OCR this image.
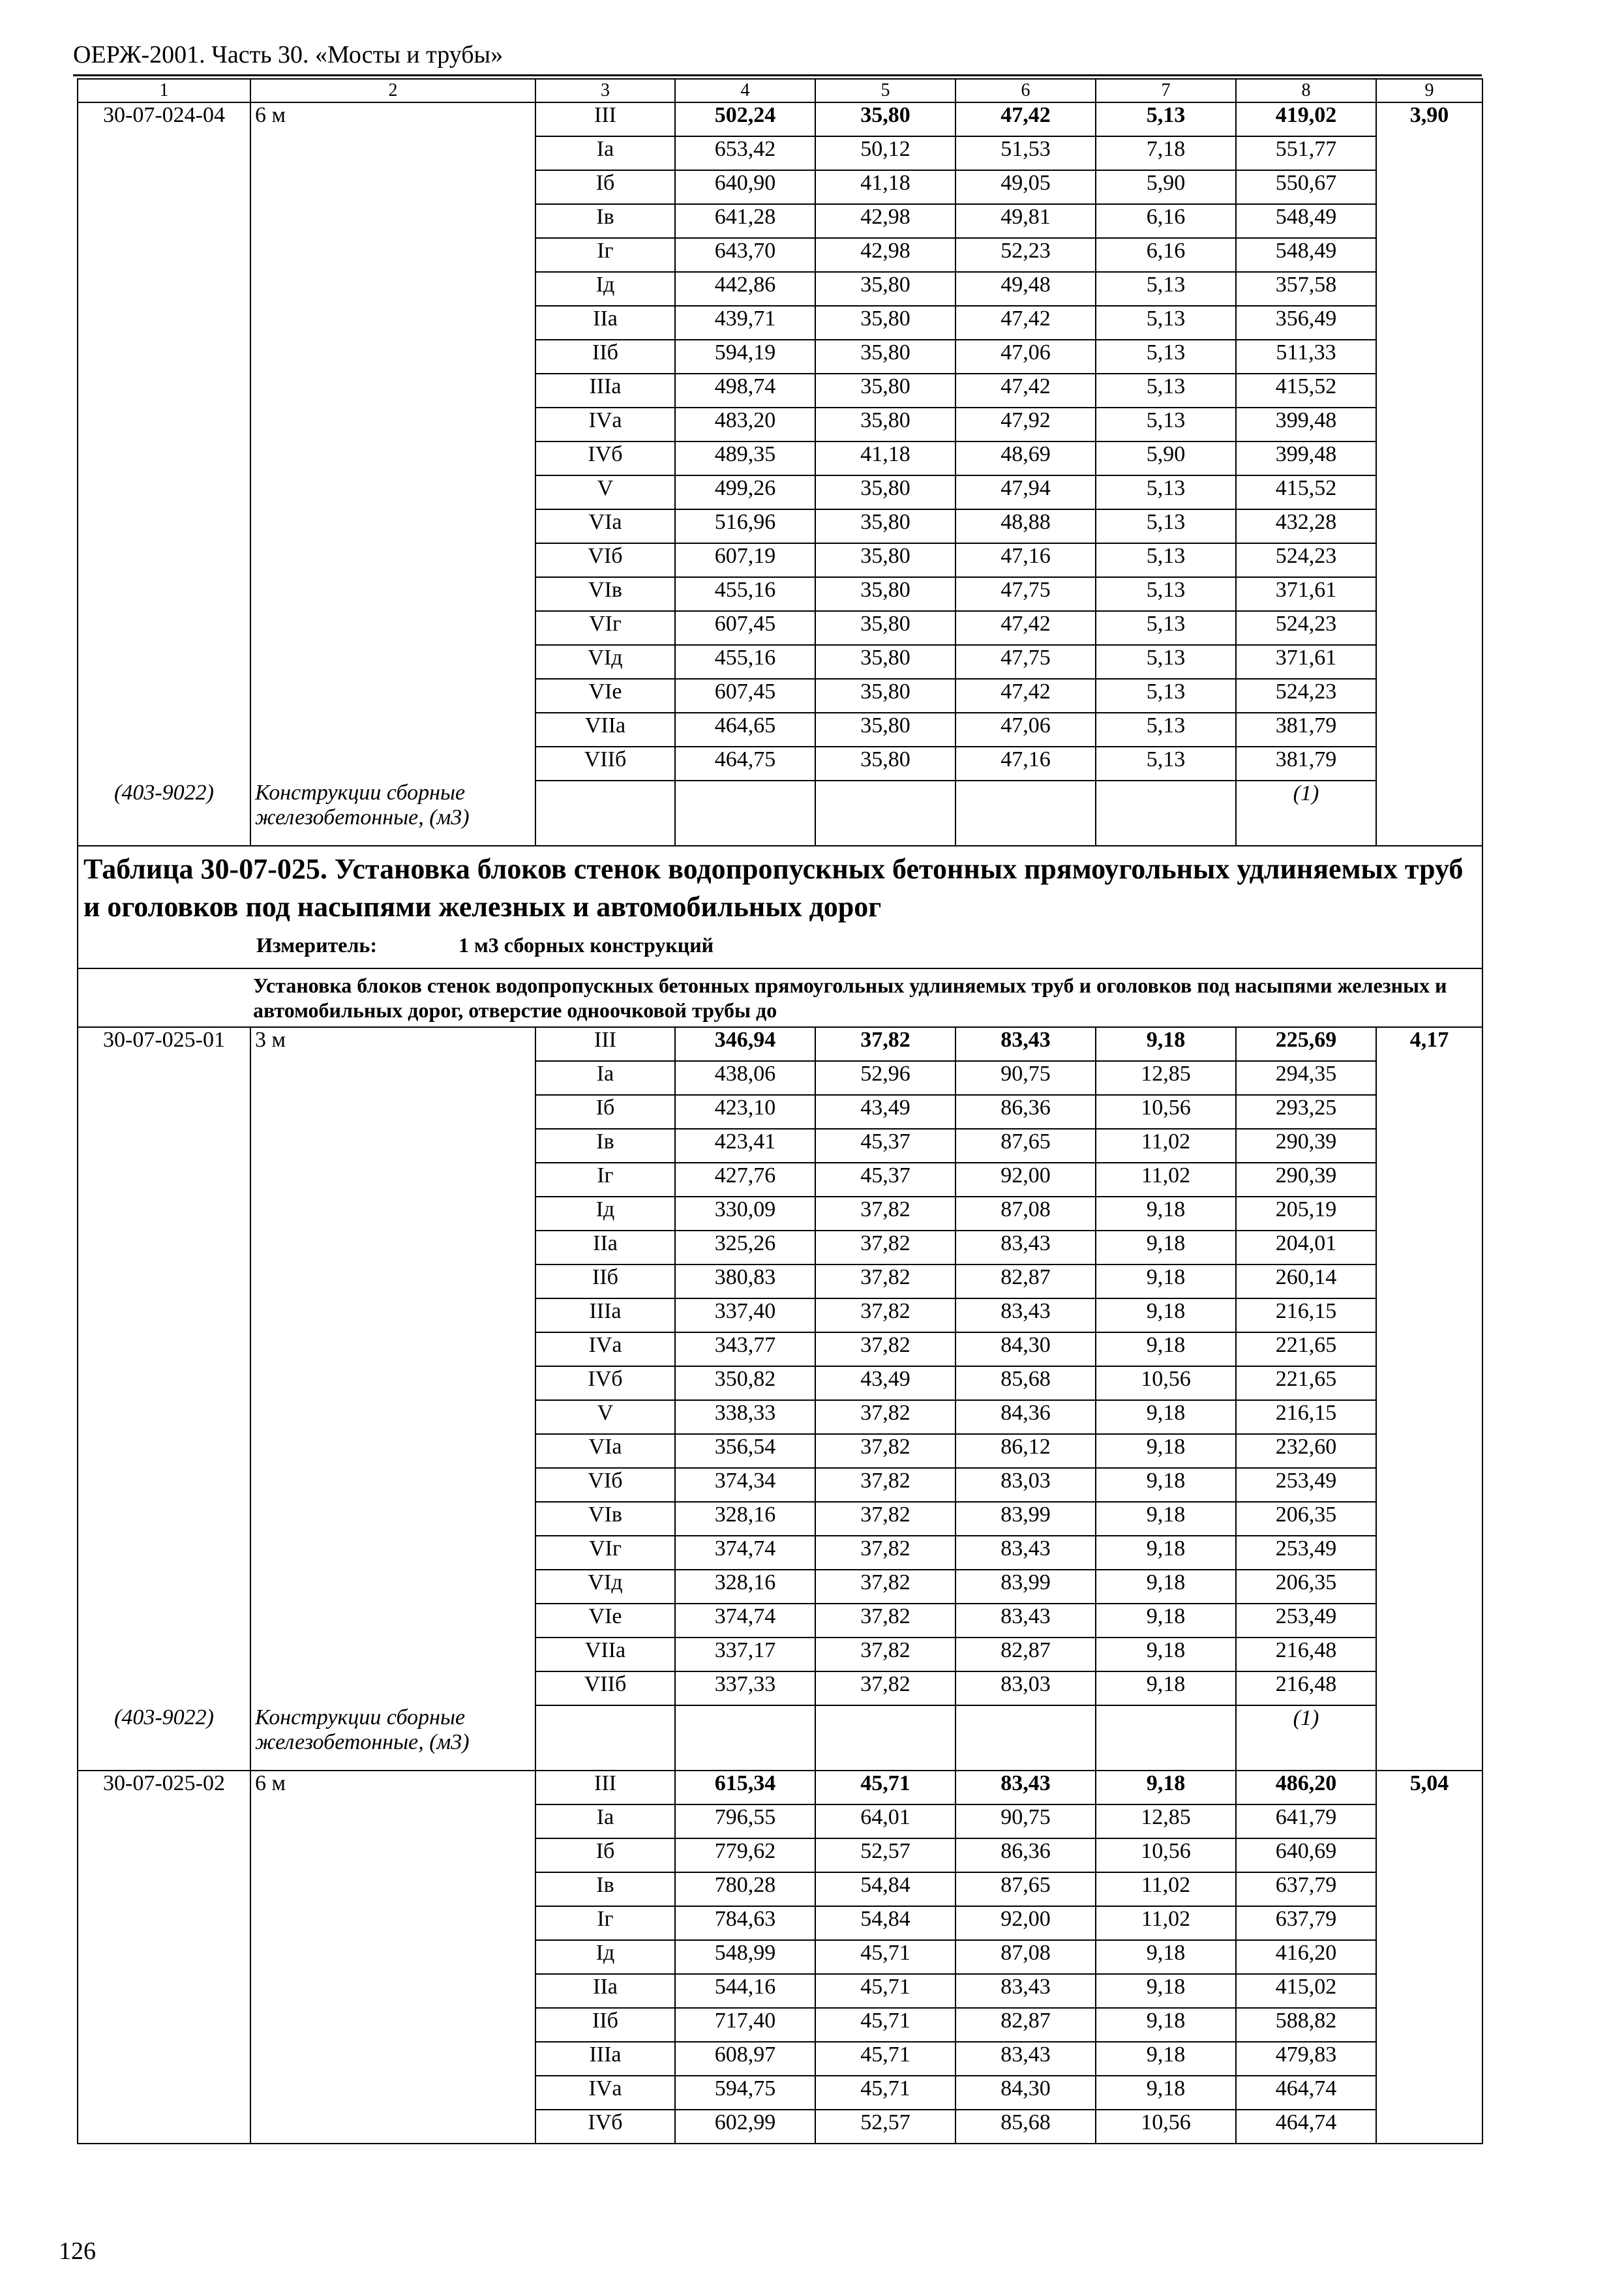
ОЕРЖ-2001. Часть 30. «Мосты и трубы»
1	2	3	4	5	6	7	8	9
30-07-024-04	6 м	III	502,24	35,80	47,42	5,13	419,02	3,90
		Iа	653,42	50,12	51,53	7,18	551,77	
		Iб	640,90	41,18	49,05	5,90	550,67	
		Iв	641,28	42,98	49,81	6,16	548,49	
		Iг	643,70	42,98	52,23	6,16	548,49	
		Iд	442,86	35,80	49,48	5,13	357,58	
		IIа	439,71	35,80	47,42	5,13	356,49	
		IIб	594,19	35,80	47,06	5,13	511,33	
		IIIа	498,74	35,80	47,42	5,13	415,52	
		IVа	483,20	35,80	47,92	5,13	399,48	
		IVб	489,35	41,18	48,69	5,90	399,48	
		V	499,26	35,80	47,94	5,13	415,52	
		VIа	516,96	35,80	48,88	5,13	432,28	
		VIб	607,19	35,80	47,16	5,13	524,23	
		VIв	455,16	35,80	47,75	5,13	371,61	
		VIг	607,45	35,80	47,42	5,13	524,23	
		VIд	455,16	35,80	47,75	5,13	371,61	
		VIе	607,45	35,80	47,42	5,13	524,23	
		VIIа	464,65	35,80	47,06	5,13	381,79	
		VIIб	464,75	35,80	47,16	5,13	381,79	
(403-9022)	Конструкции сборные железобетонные, (м3)						(1)	

Таблица 30-07-025. Установка блоков стенок водопропускных бетонных прямоугольных удлиняемых труб и оголовков под насыпями железных и автомобильных дорог
Измеритель: 1 м3 сборных конструкций								

Установка блоков стенок водопропускных бетонных прямоугольных удлиняемых труб и оголовков под насыпями железных и автомобильных дорог, отверстие одноочковой трубы до								
30-07-025-01	3 м	III	346,94	37,82	83,43	9,18	225,69	4,17
		Iа	438,06	52,96	90,75	12,85	294,35	
		Iб	423,10	43,49	86,36	10,56	293,25	
		Iв	423,41	45,37	87,65	11,02	290,39	
		Iг	427,76	45,37	92,00	11,02	290,39	
		Iд	330,09	37,82	87,08	9,18	205,19	
		IIа	325,26	37,82	83,43	9,18	204,01	
		IIб	380,83	37,82	82,87	9,18	260,14	
		IIIа	337,40	37,82	83,43	9,18	216,15	
		IVа	343,77	37,82	84,30	9,18	221,65	
		IVб	350,82	43,49	85,68	10,56	221,65	
		V	338,33	37,82	84,36	9,18	216,15	
		VIа	356,54	37,82	86,12	9,18	232,60	
		VIб	374,34	37,82	83,03	9,18	253,49	
		VIв	328,16	37,82	83,99	9,18	206,35	
		VIг	374,74	37,82	83,43	9,18	253,49	
		VIд	328,16	37,82	83,99	9,18	206,35	
		VIе	374,74	37,82	83,43	9,18	253,49	
		VIIа	337,17	37,82	82,87	9,18	216,48	
		VIIб	337,33	37,82	83,03	9,18	216,48	
(403-9022)	Конструкции сборные железобетонные, (м3)						(1)	
30-07-025-02	6 м	III	615,34	45,71	83,43	9,18	486,20	5,04
		Iа	796,55	64,01	90,75	12,85	641,79	
		Iб	779,62	52,57	86,36	10,56	640,69	
		Iв	780,28	54,84	87,65	11,02	637,79	
		Iг	784,63	54,84	92,00	11,02	637,79	
		Iд	548,99	45,71	87,08	9,18	416,20	
		IIа	544,16	45,71	83,43	9,18	415,02	
		IIб	717,40	45,71	82,87	9,18	588,82	
		IIIа	608,97	45,71	83,43	9,18	479,83	
		IVа	594,75	45,71	84,30	9,18	464,74	
		IVб	602,99	52,57	85,68	10,56	464,74	
126
